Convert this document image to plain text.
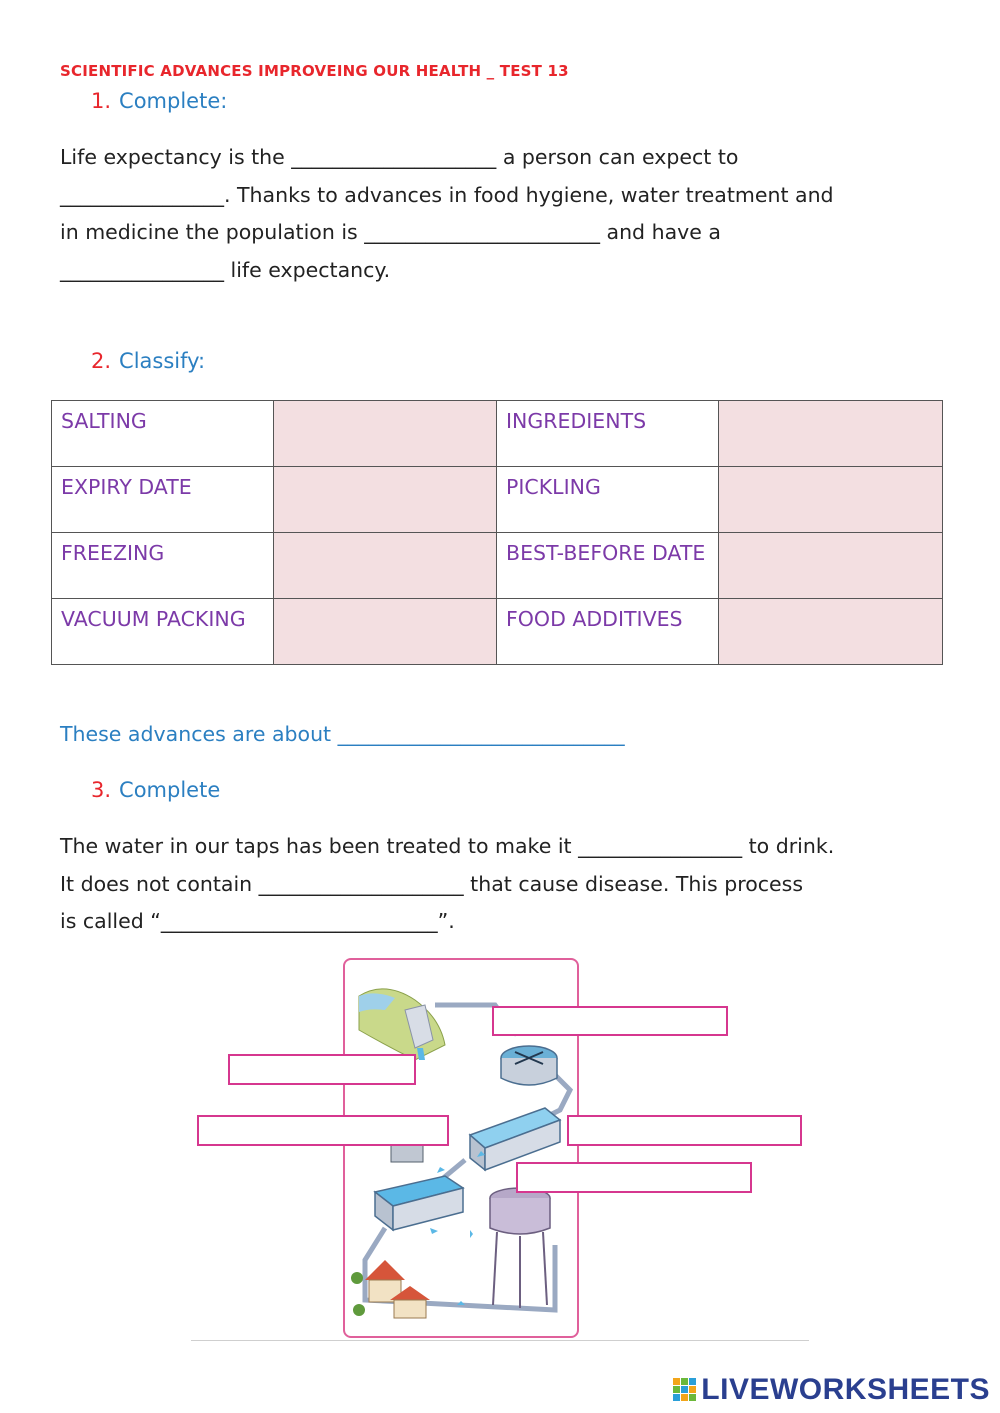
SCIENTIFIC ADVANCES IMPROVEING OUR HEALTH _ TEST 13
1. Complete:
Life expectancy is the ____________________ a person can expect to
________________. Thanks to advances in food hygiene, water treatment and
in medicine the population is _______________________ and have a
________________ life expectancy.
2. Classify:
SALTING		INGREDIENTS	
EXPIRY DATE		PICKLING	
FREEZING		BEST-BEFORE DATE	
VACUUM PACKING		FOOD ADDITIVES	
These advances are about ____________________________
3. Complete
The water in our taps has been treated to make it ________________ to drink.
It does not contain ____________________ that cause disease. This process
is called “___________________________”.
LIVEWORKSHEETS
